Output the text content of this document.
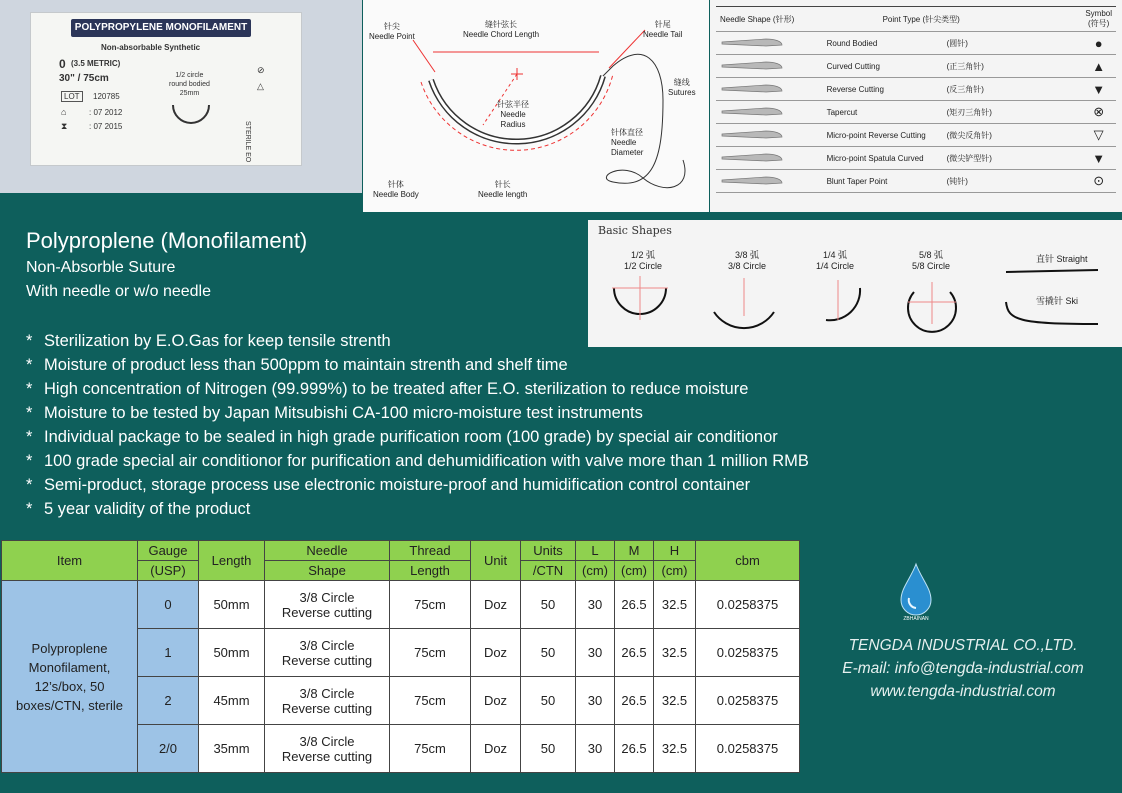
POLYPROPYLENE MONOFILAMENT
Non-absorbable Synthetic
0 (3.5 METRIC)
30" / 75cm	1/2 circle
round bodied
25mm
LOT	120785
⌂	: 07 2012
⧗	: 07 2015
⊘
△
STERILE EO
针尖
Needle Point
缝针弦长
Needle Chord Length
针尾
Needle Tail
缝线
Sutures
针弦半径
Needle
Radius
针体直径
Needle
Diameter
针体
Needle Body
针长
Needle length
Needle Shape (针形)	Point Type (针尖类型)	Symbol (符号)
	Round Bodied (圆针)	●
	Curved Cutting (正三角针)	▲
	Reverse Cutting (反三角针)	▼
	Tapercut (矩刃三角针)	⊗
	Micro-point Reverse Cutting (微尖反角针)	▽
	Micro-point Spatula Curved (微尖铲型针)	▼
	Blunt Taper Point (钝针)	⊙
Basic Shapes
1/2 弧
1/2 Circle
3/8 弧
3/8 Circle
1/4 弧
1/4 Circle
5/8 弧
5/8 Circle
直针 Straight
雪撬针 Ski
Polyproplene (Monofilament)
Non-Absorble Suture
With needle or w/o needle
* Sterilization by E.O.Gas for keep tensile strenth
* Moisture of product less than 500ppm to maintain strenth and shelf time
* High concentration of Nitrogen (99.999%) to be treated after E.O. sterilization to reduce moisture
* Moisture to be tested by Japan Mitsubishi CA-100 micro-moisture test instruments
* Individual package to be sealed in high grade purification room (100 grade) by special air conditionor
* 100 grade special air conditionor for purification and dehumidification with valve more than 1 million RMB
* Semi-product, storage process use electronic moisture-proof and humidification control container
* 5 year validity of the product
Item	Gauge	Length	Needle	Thread	Unit	Units	L	M	H	cbm
	(USP)		Shape	Length		/CTN	(cm)	(cm)	(cm)	
Polyproplene Monofilament, 12’s/box, 50 boxes/CTN, sterile	0	50mm	3/8 Circle
Reverse cutting	75cm	Doz	50	30	26.5	32.5	0.0258375
	1	50mm	3/8 Circle
Reverse cutting	75cm	Doz	50	30	26.5	32.5	0.0258375
	2	45mm	3/8 Circle
Reverse cutting	75cm	Doz	50	30	26.5	32.5	0.0258375
	2/0	35mm	3/8 Circle
Reverse cutting	75cm	Doz	50	30	26.5	32.5	0.0258375
ZBHAINAN
TENGDA INDUSTRIAL CO.,LTD.
E-mail: info@tengda-industrial.com
www.tengda-industrial.com
